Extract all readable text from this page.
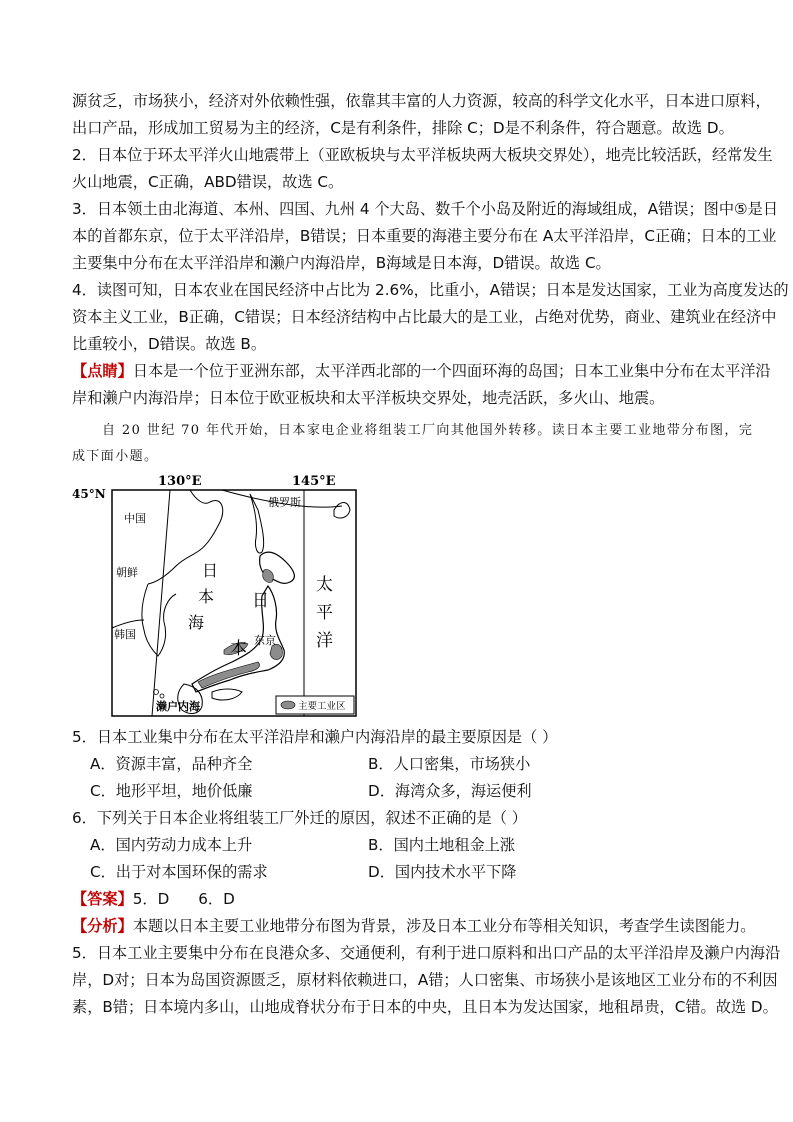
源贫乏，市场狭小，经济对外依赖性强，依靠其丰富的人力资源，较高的科学文化水平，日本进口原料，

出口产品，形成加工贸易为主的经济，C是有利条件，排除 C；D是不利条件，符合题意。故选 D。

2．日本位于环太平洋火山地震带上（亚欧板块与太平洋板块两大板块交界处），地壳比较活跃，经常发生

火山地震，C正确，ABD错误，故选 C。

3．日本领土由北海道、本州、四国、九州 4 个大岛、数千个小岛及附近的海域组成，A错误；图中⑤是日

本的首都东京，位于太平洋沿岸，B错误；日本重要的海港主要分布在 A太平洋沿岸，C正确；日本的工业

主要集中分布在太平洋沿岸和濑户内海沿岸，B海域是日本海，D错误。故选 C。

4．读图可知，日本农业在国民经济中占比为 2.6%，比重小，A错误；日本是发达国家，工业为高度发达的

资本主义工业，B正确，C错误；日本经济结构中占比最大的是工业，占绝对优势，商业、建筑业在经济中

比重较小，D错误。故选 B。

【点睛】日本是一个位于亚洲东部，太平洋西北部的一个四面环海的岛国；日本工业集中分布在太平洋沿

岸和濑户内海沿岸；日本位于欧亚板块和太平洋板块交界处，地壳活跃，多火山、地震。

自 20 世纪 70 年代开始，日本家电企业将组装工厂向其他国外转移。读日本主要工业地带分布图，完

成下面小题。

130°E	145°E
45°N
俄罗斯
中国
朝鲜
韩国
日
本
海
日
本 东京
太
平
洋
濑户内海	主要工业区

5．日本工业集中分布在太平洋沿岸和濑户内海沿岸的最主要原因是（ ）

A．资源丰富，品种齐全	B．人口密集，市场狭小
C．地形平坦，地价低廉	D．海湾众多，海运便利

6．下列关于日本企业将组装工厂外迁的原因，叙述不正确的是（ ）

A．国内劳动力成本上升	B．国内土地租金上涨
C．出于对本国环保的需求	D．国内技术水平下降

【答案】5．D      6．D

【分析】本题以日本主要工业地带分布图为背景，涉及日本工业分布等相关知识，考查学生读图能力。

5．日本工业主要集中分布在良港众多、交通便利，有利于进口原料和出口产品的太平洋沿岸及濑户内海沿

岸，D对；日本为岛国资源匮乏，原材料依赖进口，A错；人口密集、市场狭小是该地区工业分布的不利因

素，B错；日本境内多山，山地成脊状分布于日本的中央，且日本为发达国家，地租昂贵，C错。故选 D。
